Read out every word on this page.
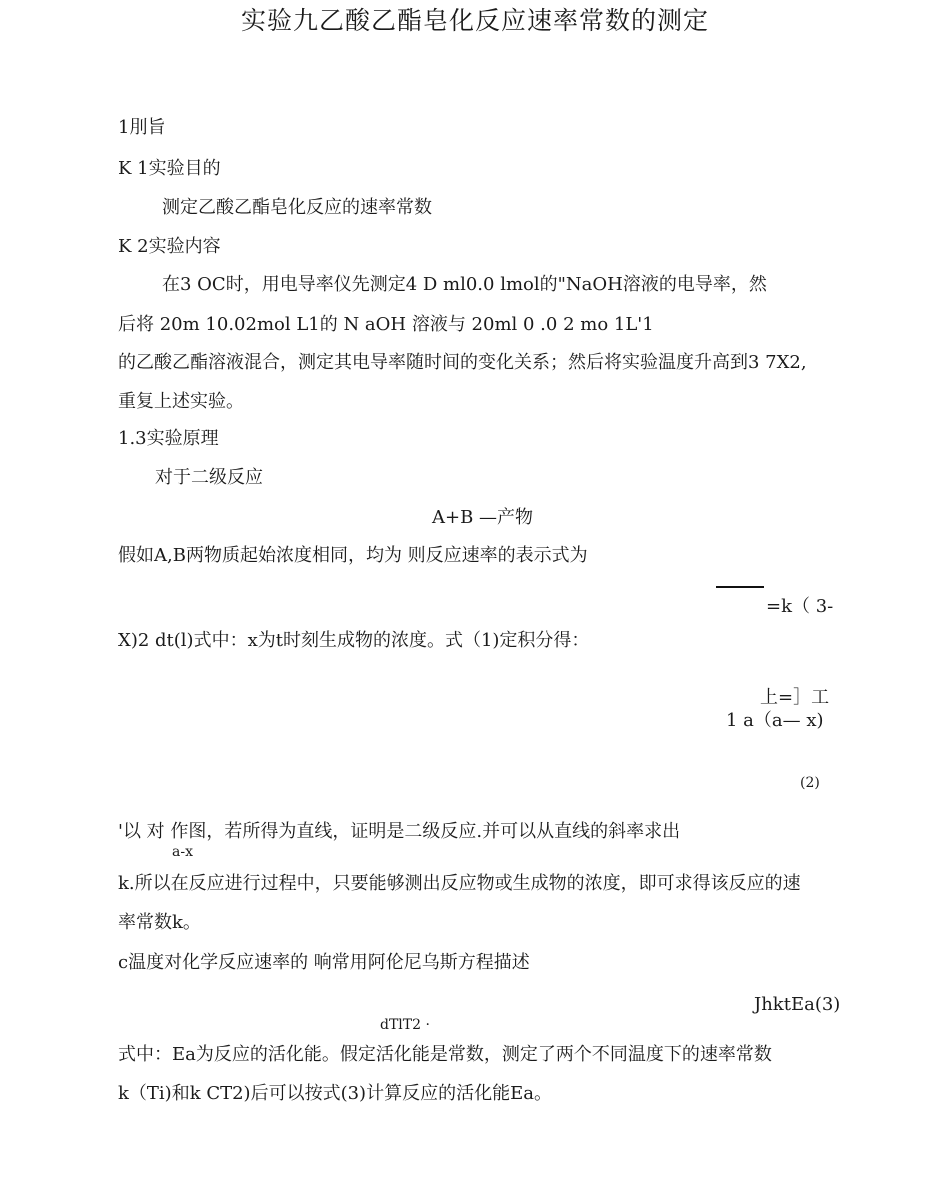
实验九乙酸乙酯皂化反应速率常数的测定
1刖旨
K 1实验目的
测定乙酸乙酯皂化反应的速率常数
K 2实验内容
在3 OC时，用电导率仪先测定4 D ml0.0 lmol的"NaOH溶液的电导率，然
后将 20m 10.02mol L1的 N aOH 溶液与 20ml 0 .0 2 mo 1L'1
的乙酸乙酯溶液混合，测定其电导率随时间的变化关系；然后将实验温度升高到3 7X2,
重复上述实验。
1.3实验原理
对于二级反应
A+B —产物
假如A,B两物质起始浓度相同，均为 则反应速率的表示式为
=k（ 3-
X)2 dt(l)式中：x为t时刻生成物的浓度。式（1)定积分得：
上=］工
1 a（a— x)
(2)
'以 对 作图，若所得为直线，证明是二级反应.并可以从直线的斜率求出
a-x
k.所以在反应进行过程中，只要能够测出反应物或生成物的浓度，即可求得该反应的速
率常数k。
c温度对化学反应速率的 响常用阿伦尼乌斯方程描述
JhktEa(3)
dTlT2 ·
式中：Ea为反应的活化能。假定活化能是常数，测定了两个不同温度下的速率常数
k（Ti)和k CT2)后可以按式(3)计算反应的活化能Ea。
